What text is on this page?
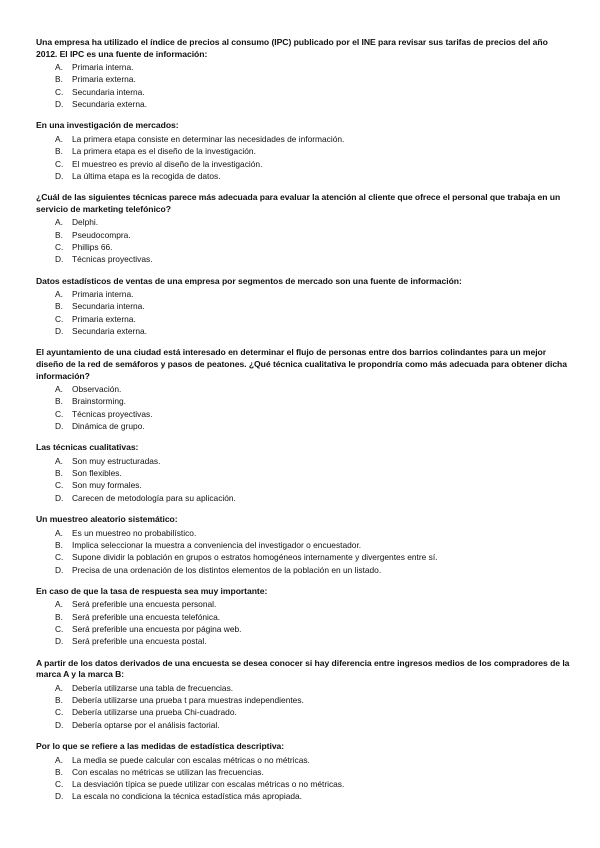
Una empresa ha utilizado el índice de precios al consumo (IPC) publicado por el INE para revisar sus tarifas de precios del año 2012. El IPC es una fuente de información:
A.	Primaria interna.
B.	Primaria externa.
C.	Secundaria interna.
D.	Secundaria externa.
En una investigación de mercados:
A.	La primera etapa consiste en determinar las necesidades de información.
B.	La primera etapa es el diseño de la investigación.
C.	El muestreo es previo al diseño de la investigación.
D.	La última etapa es la recogida de datos.
¿Cuál de las siguientes técnicas parece más adecuada para evaluar la atención al cliente que ofrece el personal que trabaja en un servicio de marketing telefónico?
A.	Delphi.
B.	Pseudocompra.
C.	Phillips 66.
D.	Técnicas proyectivas.
Datos estadísticos de ventas de una empresa por segmentos de mercado son una fuente de información:
A.	Primaria interna.
B.	Secundaria interna.
C.	Primaria externa.
D.	Secundaria externa.
El ayuntamiento de una ciudad está interesado en determinar el flujo de personas entre dos barrios colindantes para un mejor diseño de la red de semáforos y pasos de peatones. ¿Qué técnica cualitativa le propondría como más adecuada para obtener dicha información?
A.	Observación.
B.	Brainstorming.
C.	Técnicas proyectivas.
D.	Dinámica de grupo.
Las técnicas cualitativas:
A.	Son muy estructuradas.
B.	Son flexibles.
C.	Son muy formales.
D.	Carecen de metodología para su aplicación.
Un muestreo aleatorio sistemático:
A.	Es un muestreo no probabilístico.
B.	Implica seleccionar la muestra a conveniencia del investigador o encuestador.
C.	Supone dividir la población en grupos o estratos homogéneos internamente y divergentes entre sí.
D.	Precisa de una ordenación de los distintos elementos de la población en un listado.
En caso de que la tasa de respuesta sea muy importante:
A.	Será preferible una encuesta personal.
B.	Será preferible una encuesta telefónica.
C.	Será preferible una encuesta por página web.
D.	Será preferible una encuesta postal.
A partir de los datos derivados de una encuesta se desea conocer si hay diferencia entre ingresos medios de los compradores de la marca A y la marca B:
A.	Debería utilizarse una tabla de frecuencias.
B.	Debería utilizarse una prueba t para muestras independientes.
C.	Debería utilizarse una prueba Chi-cuadrado.
D.	Debería optarse por el análisis factorial.
Por lo que se refiere a las medidas de estadística descriptiva:
A.	La media se puede calcular con escalas métricas o no métricas.
B.	Con escalas no métricas se utilizan las frecuencias.
C.	La desviación típica se puede utilizar con escalas métricas o no métricas.
D.	La escala no condiciona la técnica estadística más apropiada.
